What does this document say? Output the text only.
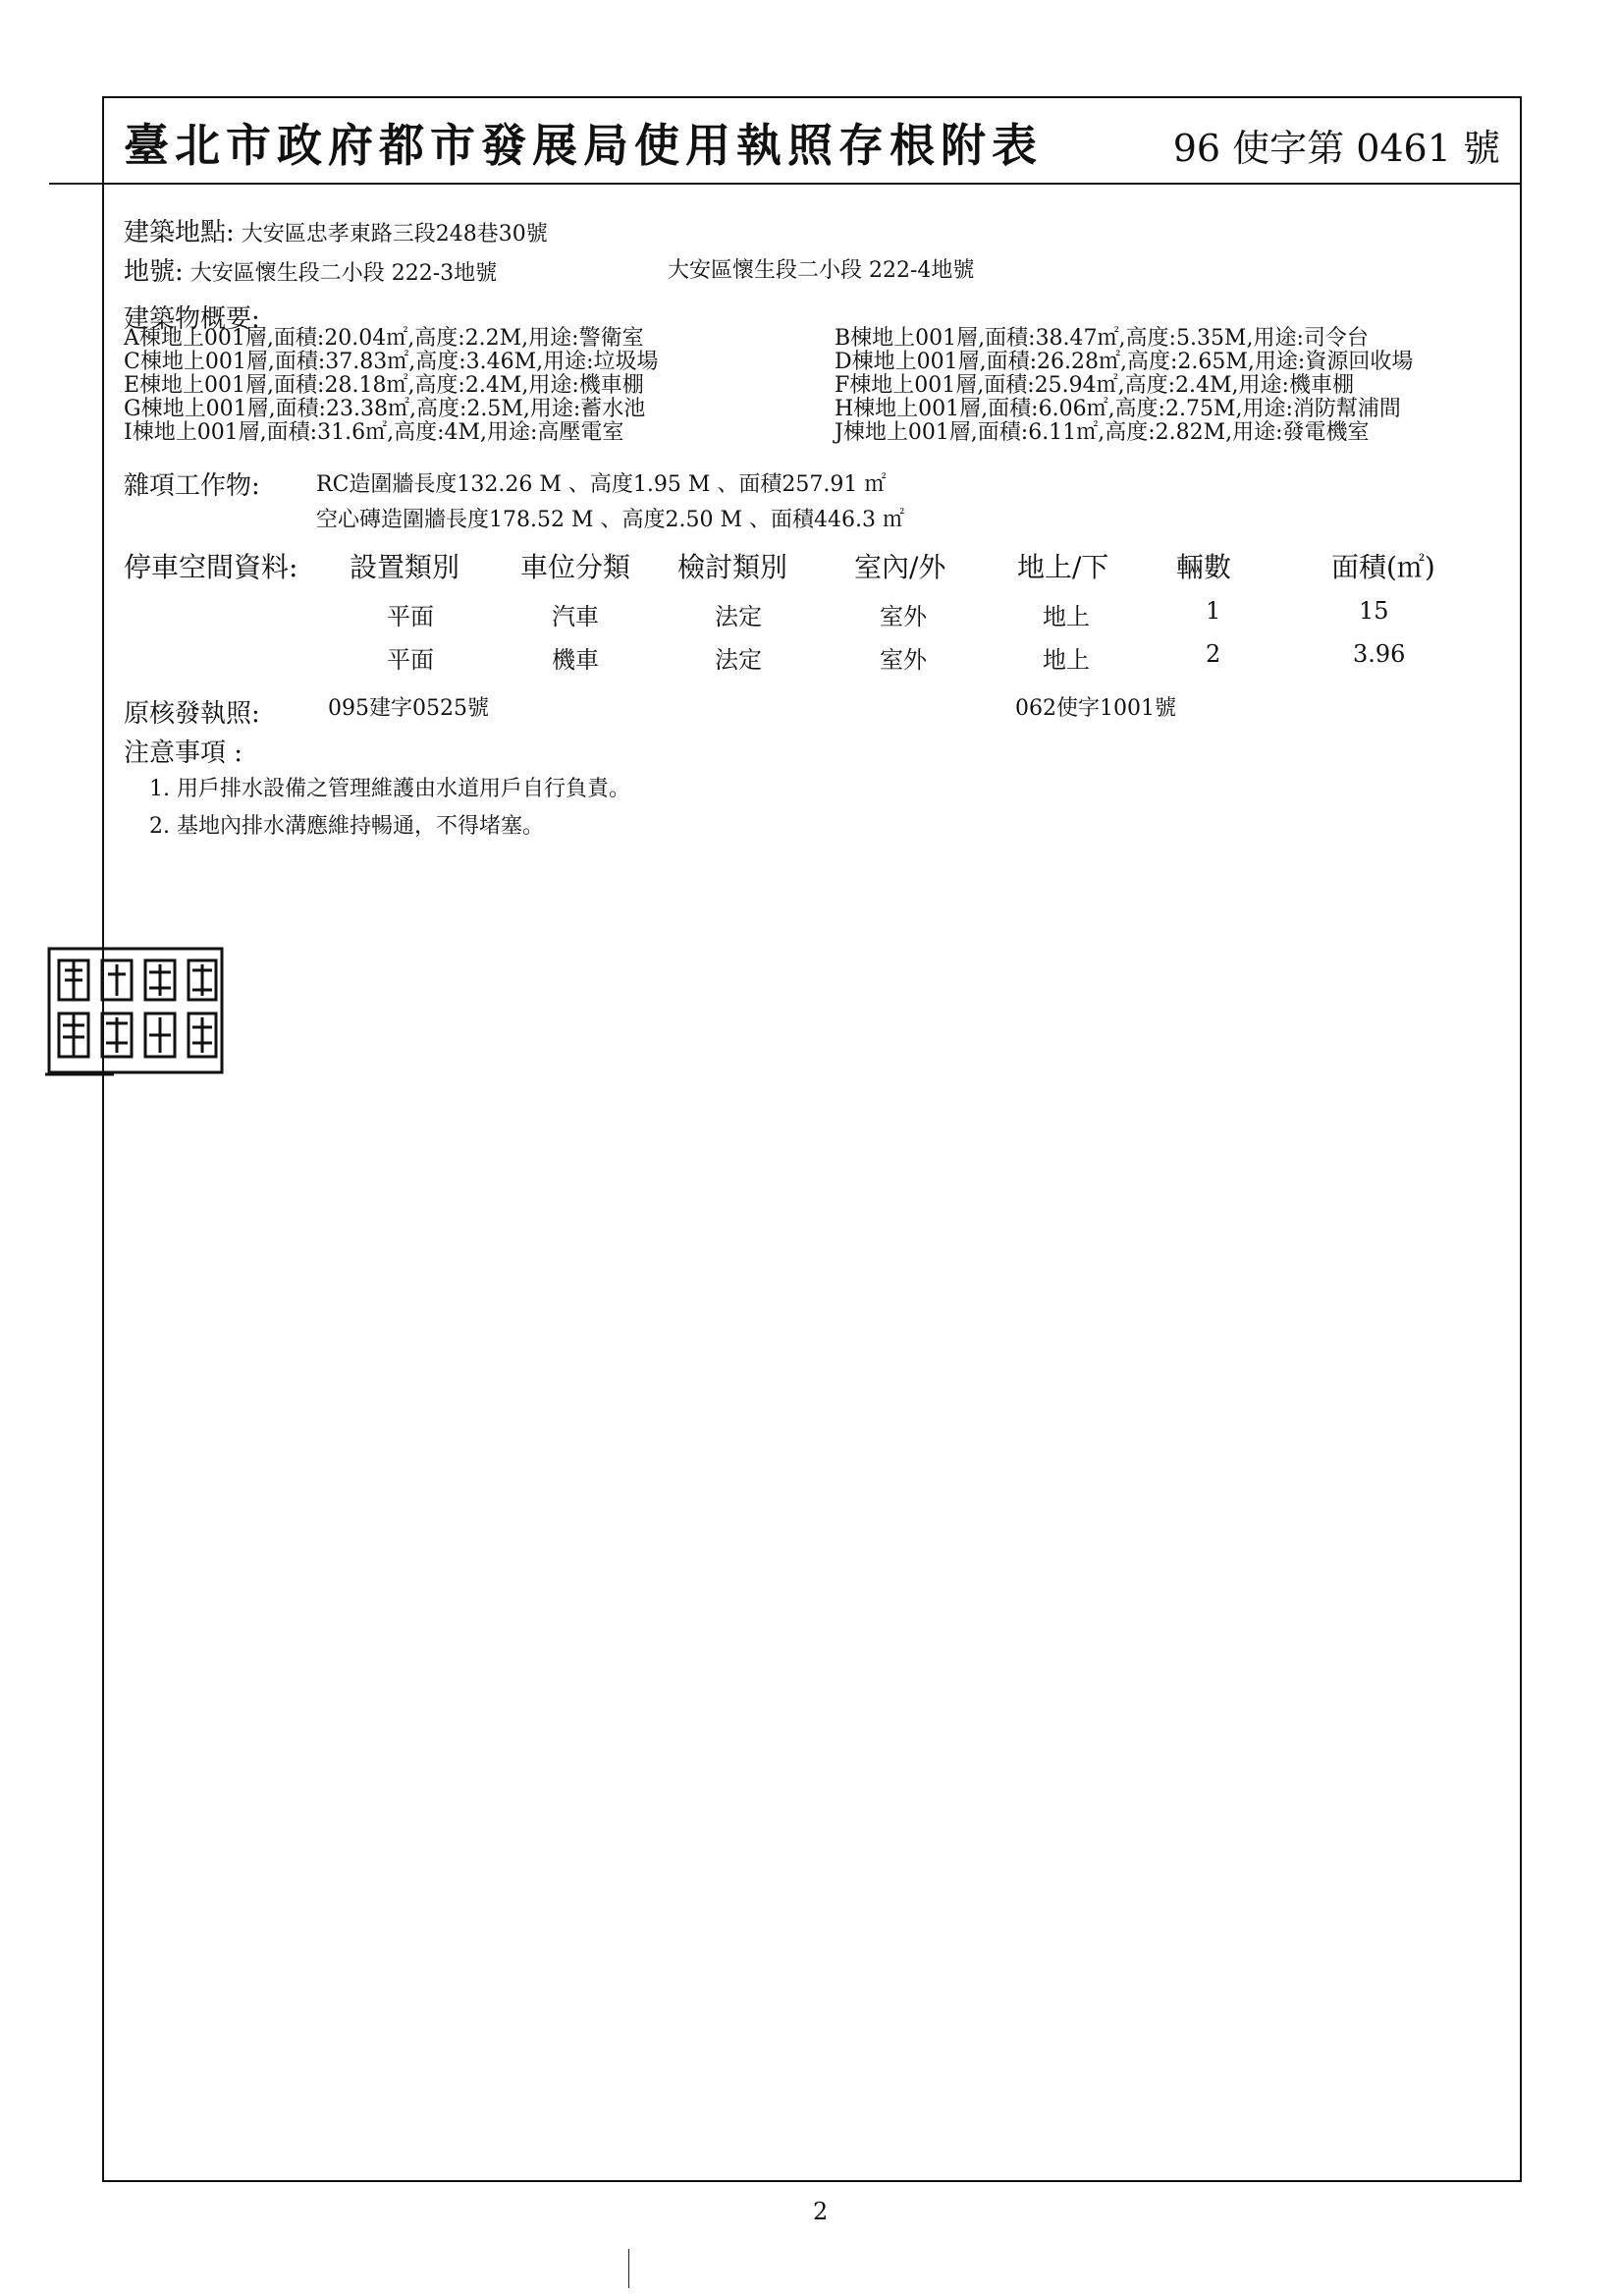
臺北市政府都市發展局使用執照存根附表	96 使字第 0461 號
建築地點: 大安區忠孝東路三段248巷30號
地號: 大安區懷生段二小段 222-3地號	大安區懷生段二小段 222-4地號
建築物概要:
A棟地上001層,面積:20.04㎡,高度:2.2M,用途:警衛室	B棟地上001層,面積:38.47㎡,高度:5.35M,用途:司令台
C棟地上001層,面積:37.83㎡,高度:3.46M,用途:垃圾場	D棟地上001層,面積:26.28㎡,高度:2.65M,用途:資源回收場
E棟地上001層,面積:28.18㎡,高度:2.4M,用途:機車棚	F棟地上001層,面積:25.94㎡,高度:2.4M,用途:機車棚
G棟地上001層,面積:23.38㎡,高度:2.5M,用途:蓄水池	H棟地上001層,面積:6.06㎡,高度:2.75M,用途:消防幫浦間
I棟地上001層,面積:31.6㎡,高度:4M,用途:高壓電室	J棟地上001層,面積:6.11㎡,高度:2.82M,用途:發電機室
雜項工作物:	RC造圍牆長度132.26 M 、高度1.95 M 、面積257.91 ㎡
空心磚造圍牆長度178.52 M 、高度2.50 M 、面積446.3 ㎡
停車空間資料: 設置類別 車位分類 檢討類別 室內/外	地上/下 輛數	面積(㎡)
平面	汽車	法定	室外	地上	1	15
平面	機車	法定	室外	地上	2	3.96
原核發執照:	095建字0525號	062使字1001號
注意事項 :
1. 用戶排水設備之管理維護由水道用戶自行負責。
2. 基地內排水溝應維持暢通，不得堵塞。
2
